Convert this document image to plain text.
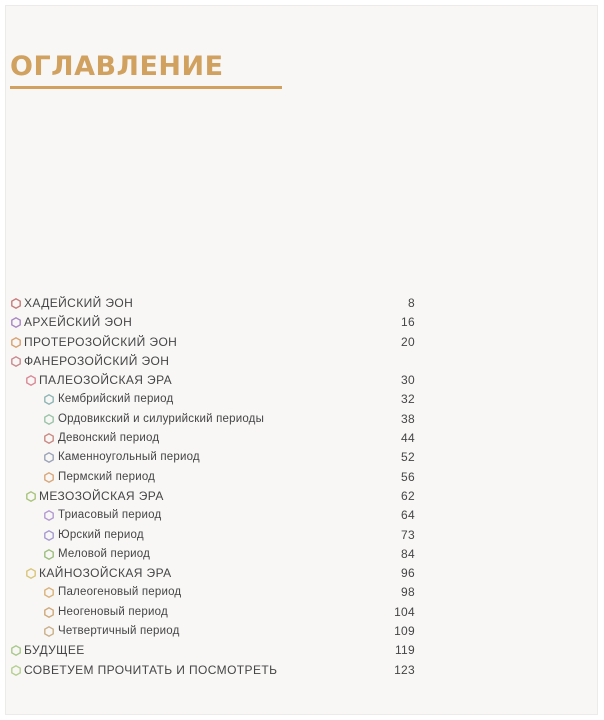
ОГЛАВЛЕНИЕ
ХАДЕЙСКИЙ ЭОН	8
АРХЕЙСКИЙ ЭОН	16
ПРОТЕРОЗОЙСКИЙ ЭОН	20
ФАНЕРОЗОЙСКИЙ ЭОН
ПАЛЕОЗОЙСКАЯ ЭРА	30
Кембрийский период	32
Ордовикский и силурийский периоды	38
Девонский период	44
Каменноугольный период	52
Пермский период	56
МЕЗОЗОЙСКАЯ ЭРА	62
Триасовый период	64
Юрский период	73
Меловой период	84
КАЙНОЗОЙСКАЯ ЭРА	96
Палеогеновый период	98
Неогеновый период	104
Четвертичный период	109
БУДУЩЕЕ	119
СОВЕТУЕМ ПРОЧИТАТЬ И ПОСМОТРЕТЬ	123
